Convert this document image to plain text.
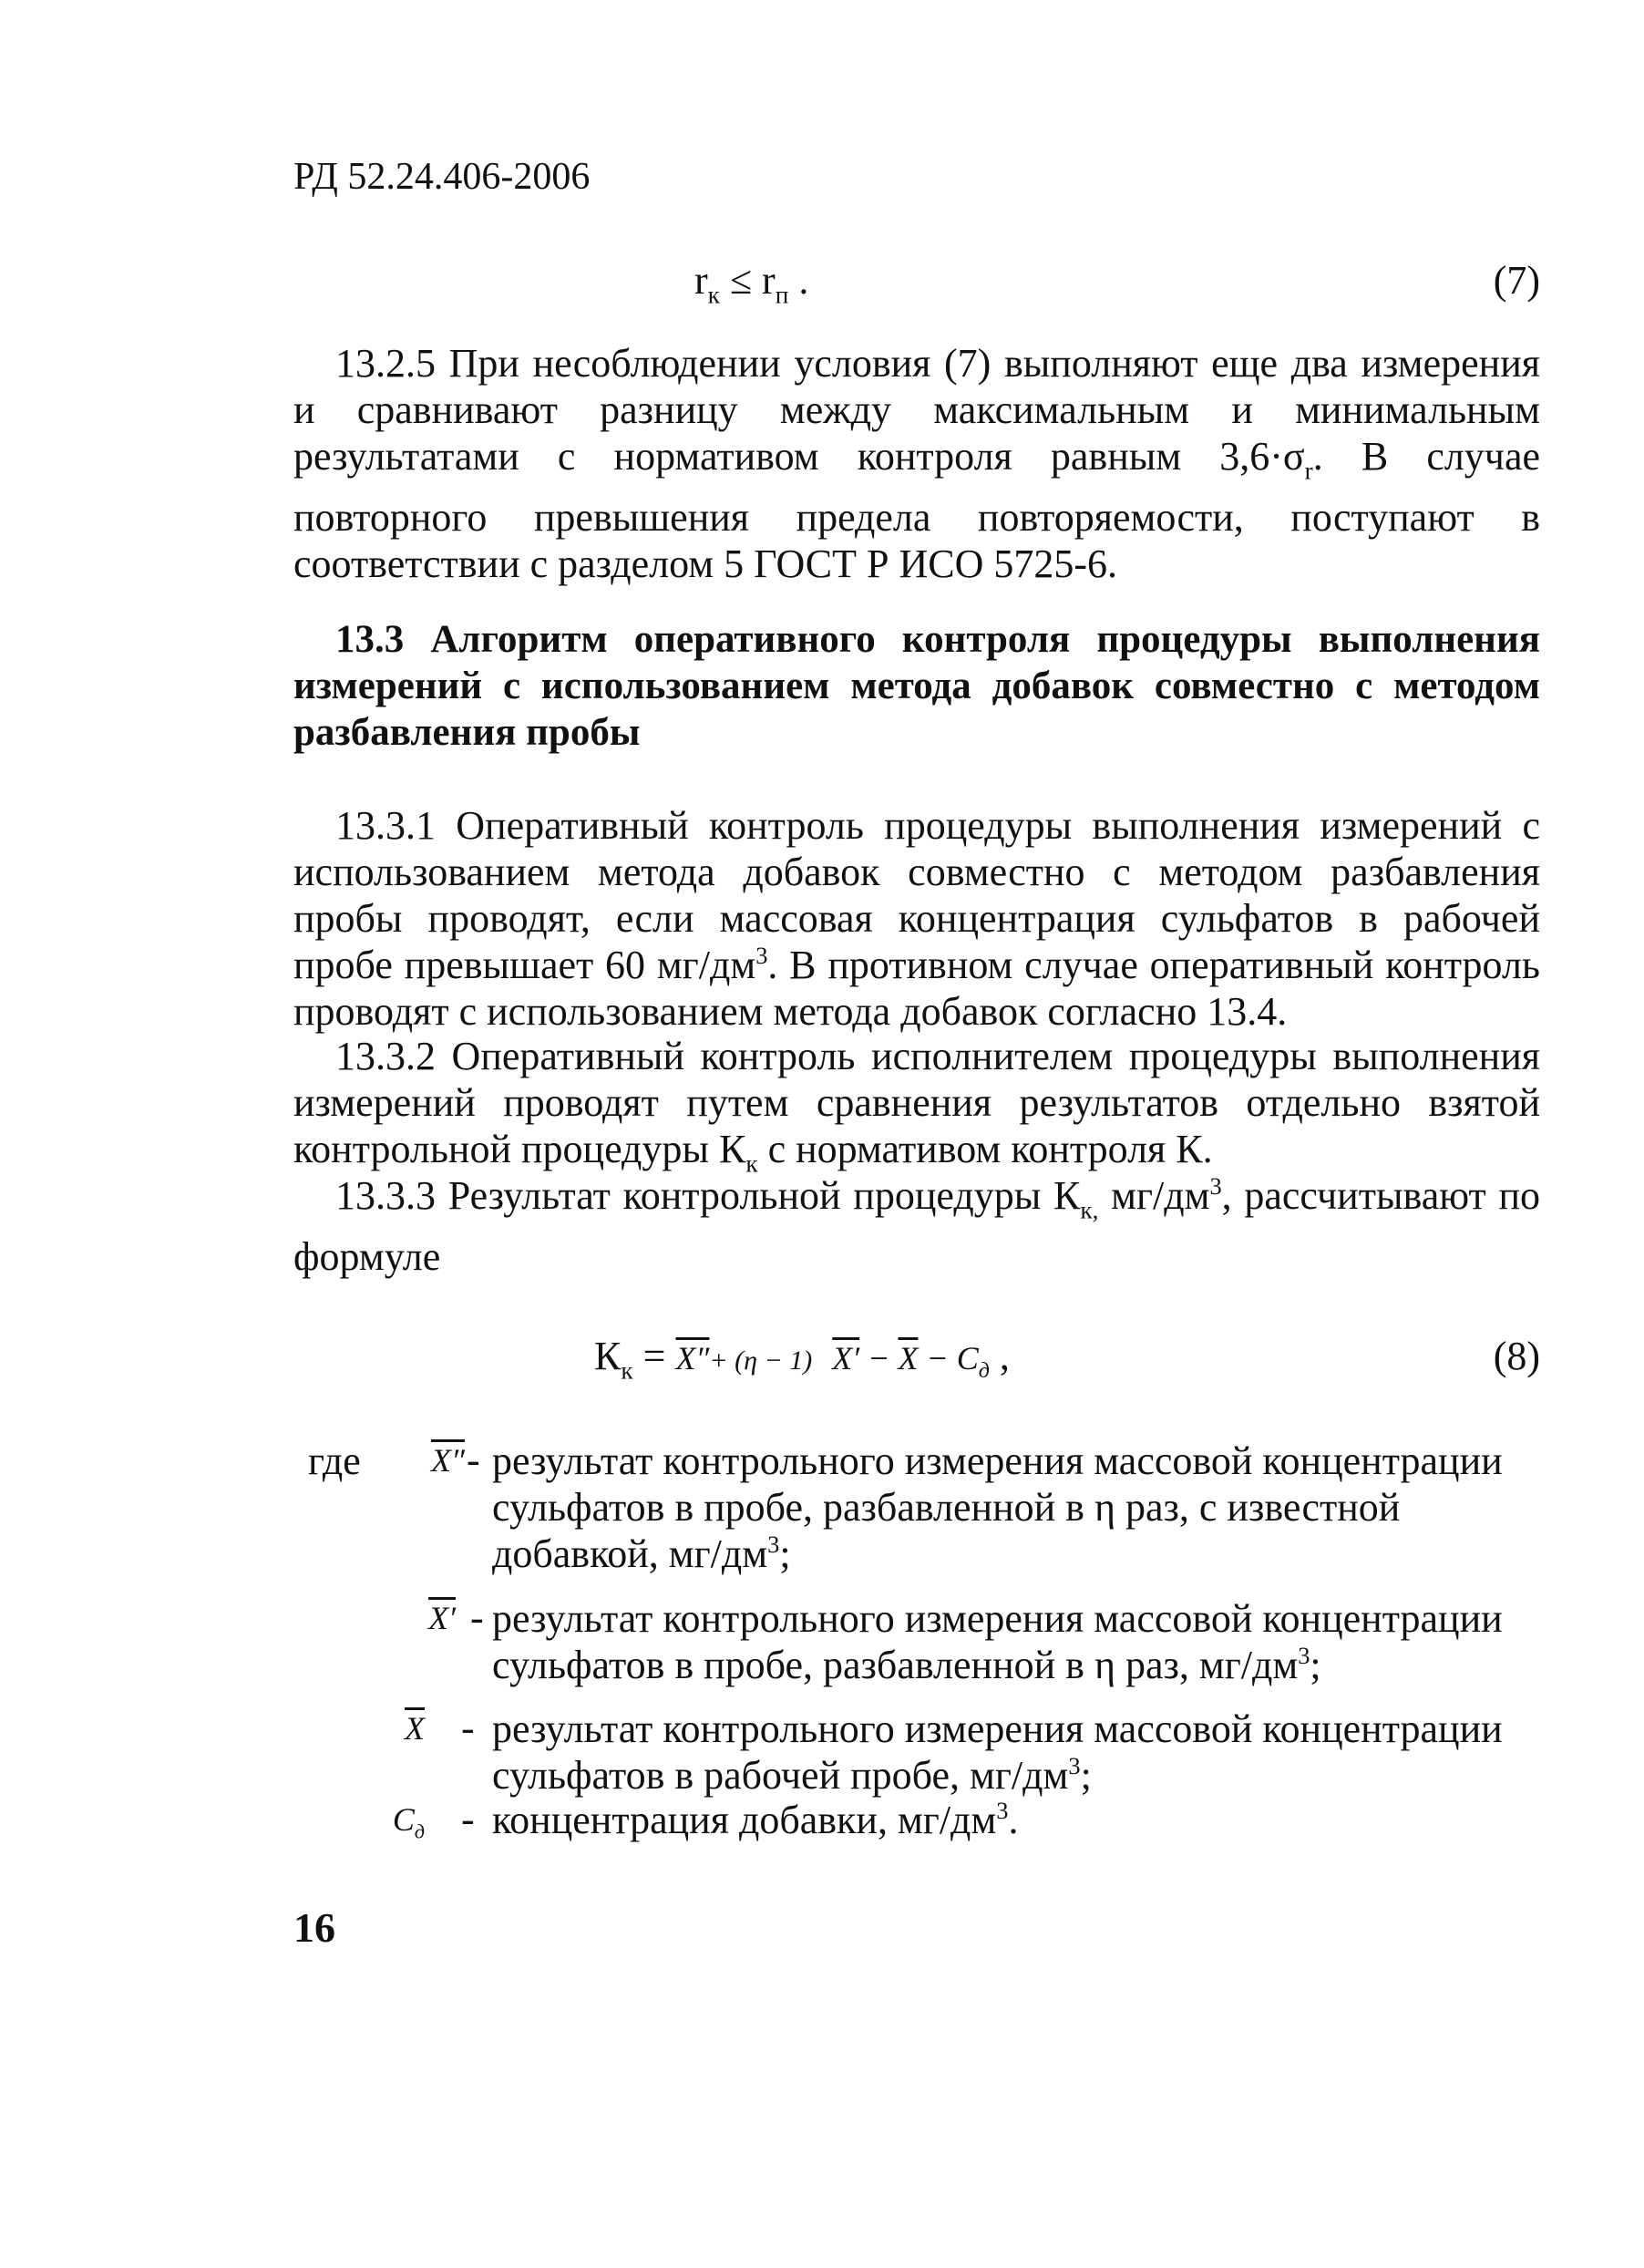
РД 52.24.406-2006
$r_к \le r_п$ .	(7)

13.2.5 При несоблюдении условия (7) выполняют еще два измерения и сравнивают разницу между максимальным и минимальным результатами с нормативом контроля равным $3,6\cdot\sigma_r$. В случае повторного превышения предела повторяемости, поступают в соответствии с разделом 5 ГОСТ Р ИСО 5725-6.

13.3 Алгоритм оперативного контроля процедуры выполнения измерений с использованием метода добавок совместно с методом разбавления пробы

13.3.1 Оперативный контроль процедуры выполнения измерений с использованием метода добавок совместно с методом разбавления пробы проводят, если массовая концентрация сульфатов в рабочей пробе превышает 60 $мг/дм^3$. В противном случае оперативный контроль проводят с использованием метода добавок согласно 13.4.

13.3.2 Оперативный контроль исполнителем процедуры выполнения измерений проводят путем сравнения результатов отдельно взятой контрольной процедуры $К_к$ с нормативом контроля К.

13.3.3 Результат контрольной процедуры $К_{к,}$ $мг/дм^3$, рассчитывают по формуле

$К_к = X''+ (\eta - 1) X' - \overline{X} - C_д$ ,	(8)
где	X″ - результат контрольного измерения массовой концентрации сульфатов в пробе, разбавленной в η раз, с известной добавкой, $мг/дм^3$;
X′ - результат контрольного измерения массовой концентрации сульфатов в пробе, разбавленной в η раз, $мг/дм^3$;
$\overline{X}$ - результат контрольного измерения массовой концентрации сульфатов в рабочей пробе, $мг/дм^3$;
$C_д$ - концентрация добавки, $мг/дм^3$.
16
